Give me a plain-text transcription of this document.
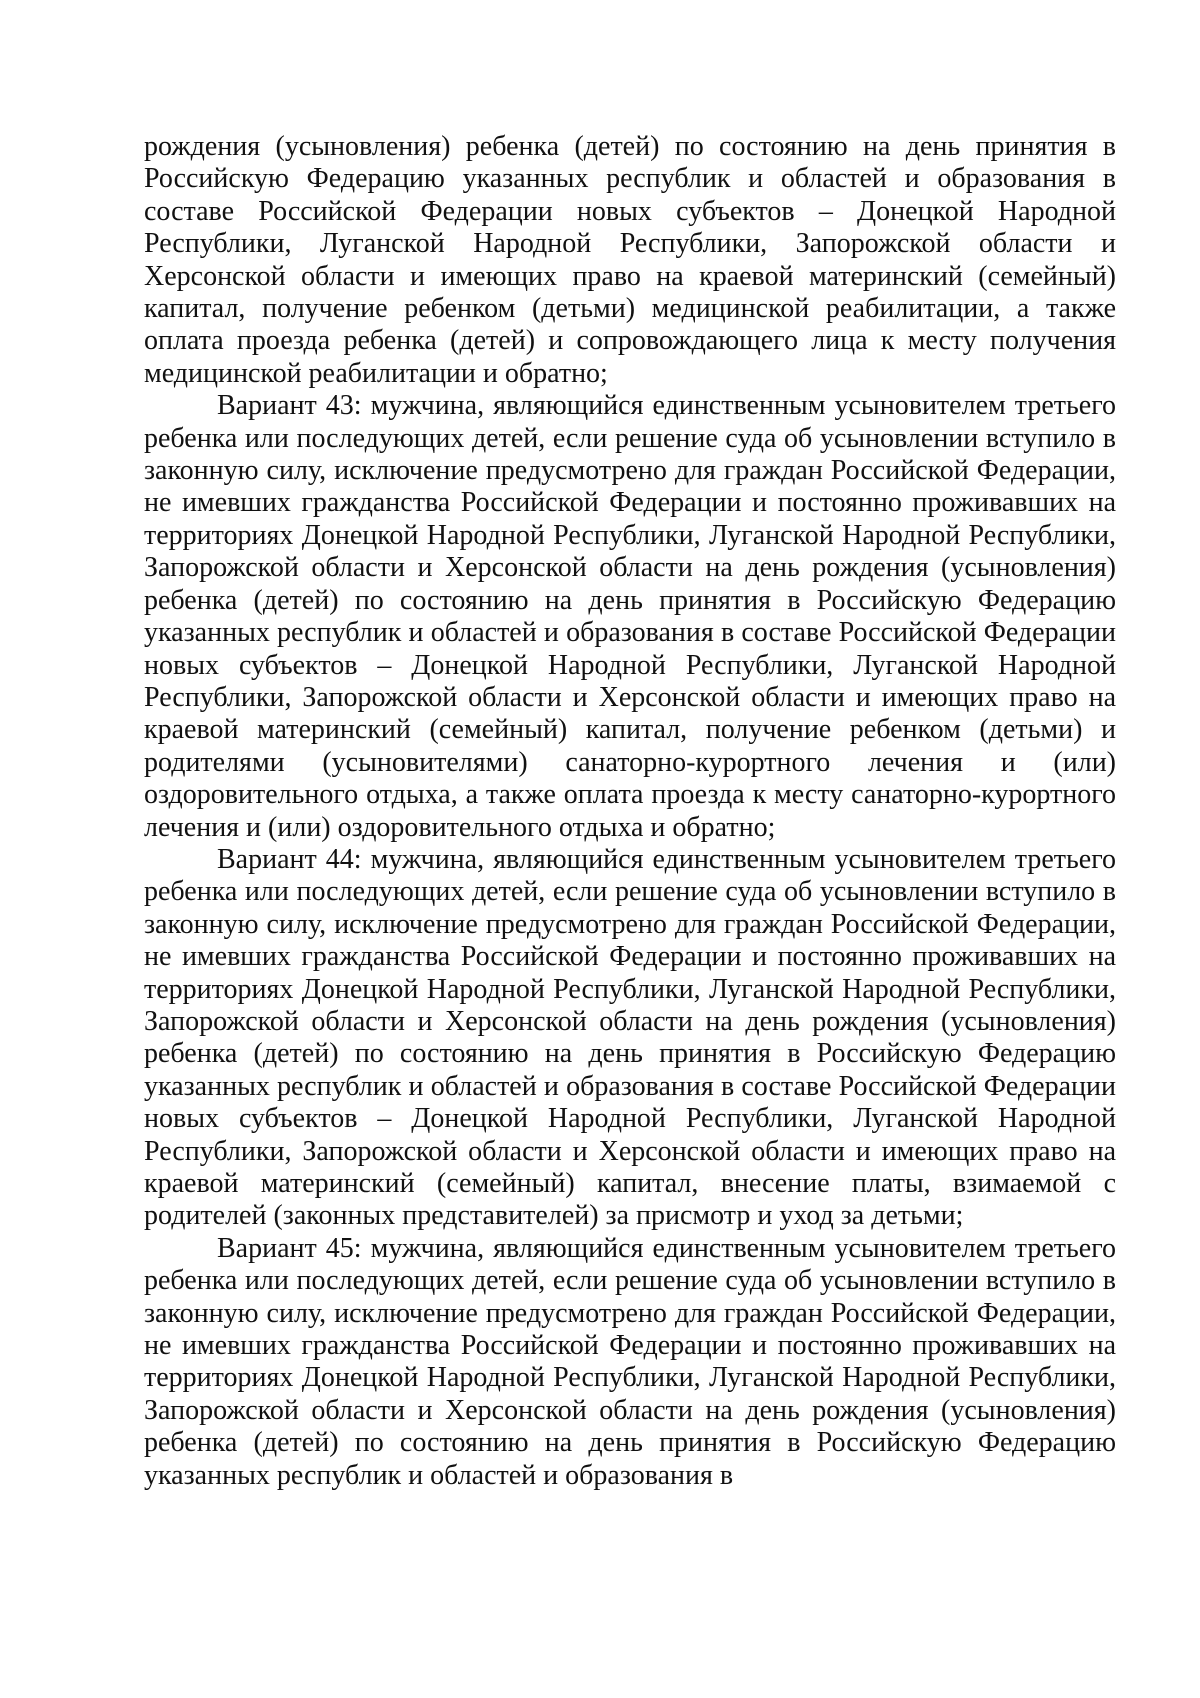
рождения (усыновления) ребенка (детей) по состоянию на день принятия в Российскую Федерацию указанных республик и областей и образования в составе Российской Федерации новых субъектов – Донецкой Народной Республики, Луганской Народной Республики, Запорожской области и Херсонской области и имеющих право на краевой материнский (семейный) капитал, получение ребенком (детьми) медицинской реабилитации, а также оплата проезда ребенка (детей) и сопровождающего лица к месту получения медицинской реабилитации и обратно;

Вариант 43: мужчина, являющийся единственным усыновителем третьего ребенка или последующих детей, если решение суда об усыновлении вступило в законную силу, исключение предусмотрено для граждан Российской Федерации, не имевших гражданства Российской Федерации и постоянно проживавших на территориях Донецкой Народной Республики, Луганской Народной Республики, Запорожской области и Херсонской области на день рождения (усыновления) ребенка (детей) по состоянию на день принятия в Российскую Федерацию указанных республик и областей и образования в составе Российской Федерации новых субъектов – Донецкой Народной Республики, Луганской Народной Республики, Запорожской области и Херсонской области и имеющих право на краевой материнский (семейный) капитал, получение ребенком (детьми) и родителями (усыновителями) санаторно-курортного лечения и (или) оздоровительного отдыха, а также оплата проезда к месту санаторно-курортного лечения и (или) оздоровительного отдыха и обратно;

Вариант 44: мужчина, являющийся единственным усыновителем третьего ребенка или последующих детей, если решение суда об усыновлении вступило в законную силу, исключение предусмотрено для граждан Российской Федерации, не имевших гражданства Российской Федерации и постоянно проживавших на территориях Донецкой Народной Республики, Луганской Народной Республики, Запорожской области и Херсонской области на день рождения (усыновления) ребенка (детей) по состоянию на день принятия в Российскую Федерацию указанных республик и областей и образования в составе Российской Федерации новых субъектов – Донецкой Народной Республики, Луганской Народной Республики, Запорожской области и Херсонской области и имеющих право на краевой материнский (семейный) капитал, внесение платы, взимаемой с родителей (законных представителей) за присмотр и уход за детьми;

Вариант 45: мужчина, являющийся единственным усыновителем третьего ребенка или последующих детей, если решение суда об усыновлении вступило в законную силу, исключение предусмотрено для граждан Российской Федерации, не имевших гражданства Российской Федерации и постоянно проживавших на территориях Донецкой Народной Республики, Луганской Народной Республики, Запорожской области и Херсонской области на день рождения (усыновления) ребенка (детей) по состоянию на день принятия в Российскую Федерацию указанных республик и областей и образования в
